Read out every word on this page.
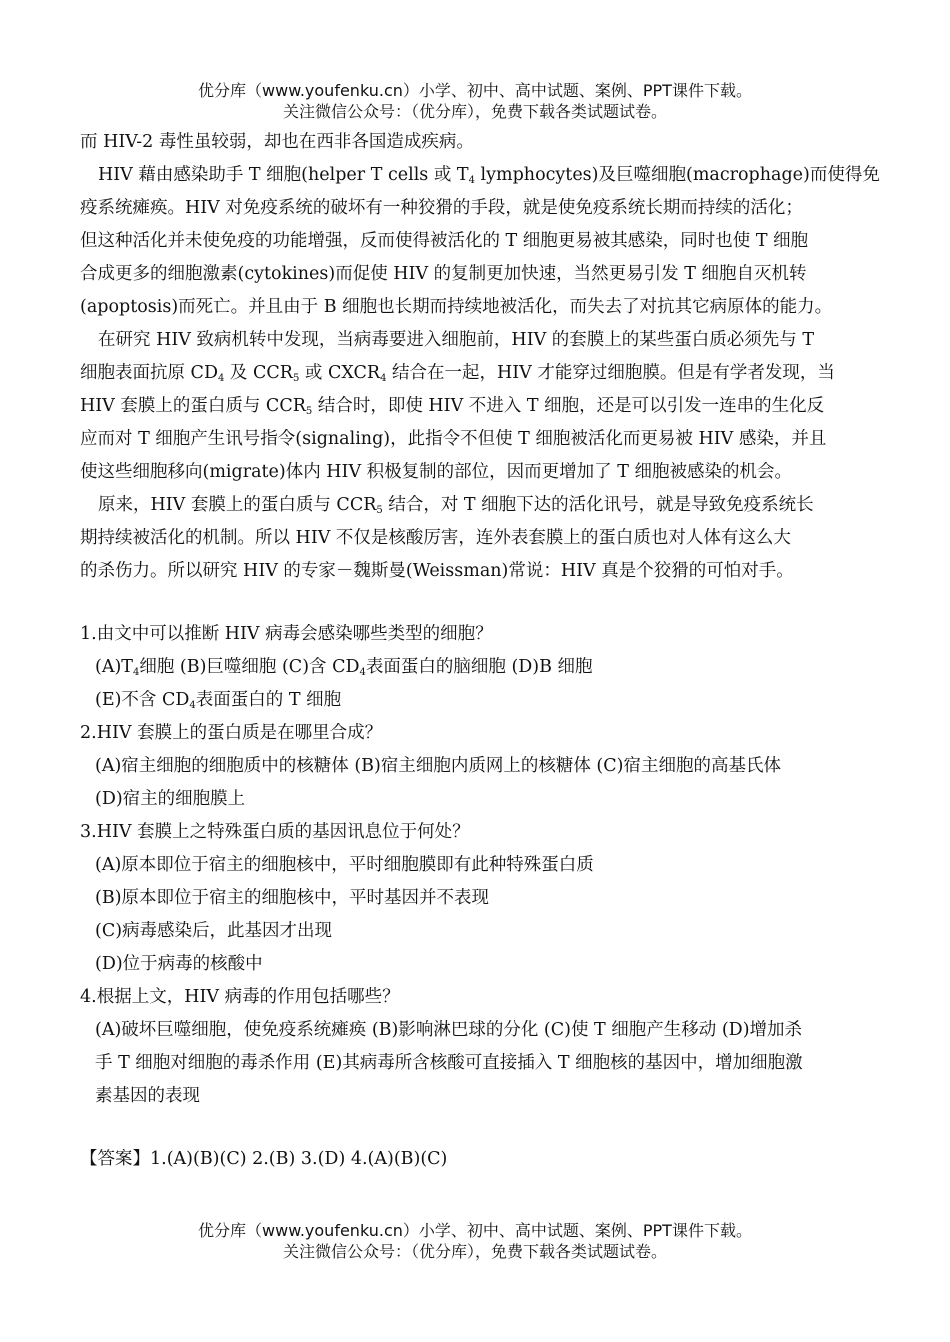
优分库（www.youfenku.cn）小学、初中、高中试题、案例、PPT课件下载。
关注微信公众号：（优分库），免费下载各类试题试卷。

而 HIV-2 毒性虽较弱，却也在西非各国造成疾病。

HIV 藉由感染助手 T 细胞(helper T cells 或 $T_4$ lymphocytes)及巨噬细胞(macrophage)而使得免

疫系统瘫痪。HIV 对免疫系统的破坏有一种狡猾的手段，就是使免疫系统长期而持续的活化；

但这种活化并未使免疫的功能增强，反而使得被活化的 T 细胞更易被其感染，同时也使 T 细胞

合成更多的细胞激素(cytokines)而促使 HIV 的复制更加快速，当然更易引发 T 细胞自灭机转

(apoptosis)而死亡。并且由于 B 细胞也长期而持续地被活化，而失去了对抗其它病原体的能力。

在研究 HIV 致病机转中发现，当病毒要进入细胞前，HIV 的套膜上的某些蛋白质必须先与 T

细胞表面抗原 $CD_4$ 及 $CCR_5$ 或 $CXCR_4$ 结合在一起，HIV 才能穿过细胞膜。但是有学者发现，当

HIV 套膜上的蛋白质与 $CCR_5$ 结合时，即使 HIV 不进入 T 细胞，还是可以引发一连串的生化反

应而对 T 细胞产生讯号指令(signaling)，此指令不但使 T 细胞被活化而更易被 HIV 感染，并且

使这些细胞移向(migrate)体内 HIV 积极复制的部位，因而更增加了 T 细胞被感染的机会。

原来，HIV 套膜上的蛋白质与 $CCR_5$ 结合，对 T 细胞下达的活化讯号，就是导致免疫系统长

期持续被活化的机制。所以 HIV 不仅是核酸厉害，连外表套膜上的蛋白质也对人体有这么大

的杀伤力。所以研究 HIV 的专家－魏斯曼(Weissman)常说：HIV 真是个狡猾的可怕对手。

1.由文中可以推断 HIV 病毒会感染哪些类型的细胞？

$(A)T_4$细胞 (B)巨噬细胞 (C)含 $CD_4$表面蛋白的脑细胞 (D)B 细胞

(E)不含 $CD_4$表面蛋白的 T 细胞

2.HIV 套膜上的蛋白质是在哪里合成？

(A)宿主细胞的细胞质中的核糖体 (B)宿主细胞内质网上的核糖体 (C)宿主细胞的高基氏体

(D)宿主的细胞膜上

3.HIV 套膜上之特殊蛋白质的基因讯息位于何处？

(A)原本即位于宿主的细胞核中，平时细胞膜即有此种特殊蛋白质

(B)原本即位于宿主的细胞核中，平时基因并不表现

(C)病毒感染后，此基因才出现

(D)位于病毒的核酸中

4.根据上文，HIV 病毒的作用包括哪些？

(A)破坏巨噬细胞，使免疫系统瘫痪 (B)影响淋巴球的分化 (C)使 T 细胞产生移动 (D)增加杀

手 T 细胞对细胞的毒杀作用 (E)其病毒所含核酸可直接插入 T 细胞核的基因中，增加细胞激

素基因的表现

【答案】1.(A)(B)(C) 2.(B) 3.(D) 4.(A)(B)(C)

优分库（www.youfenku.cn）小学、初中、高中试题、案例、PPT课件下载。
关注微信公众号：（优分库），免费下载各类试题试卷。
